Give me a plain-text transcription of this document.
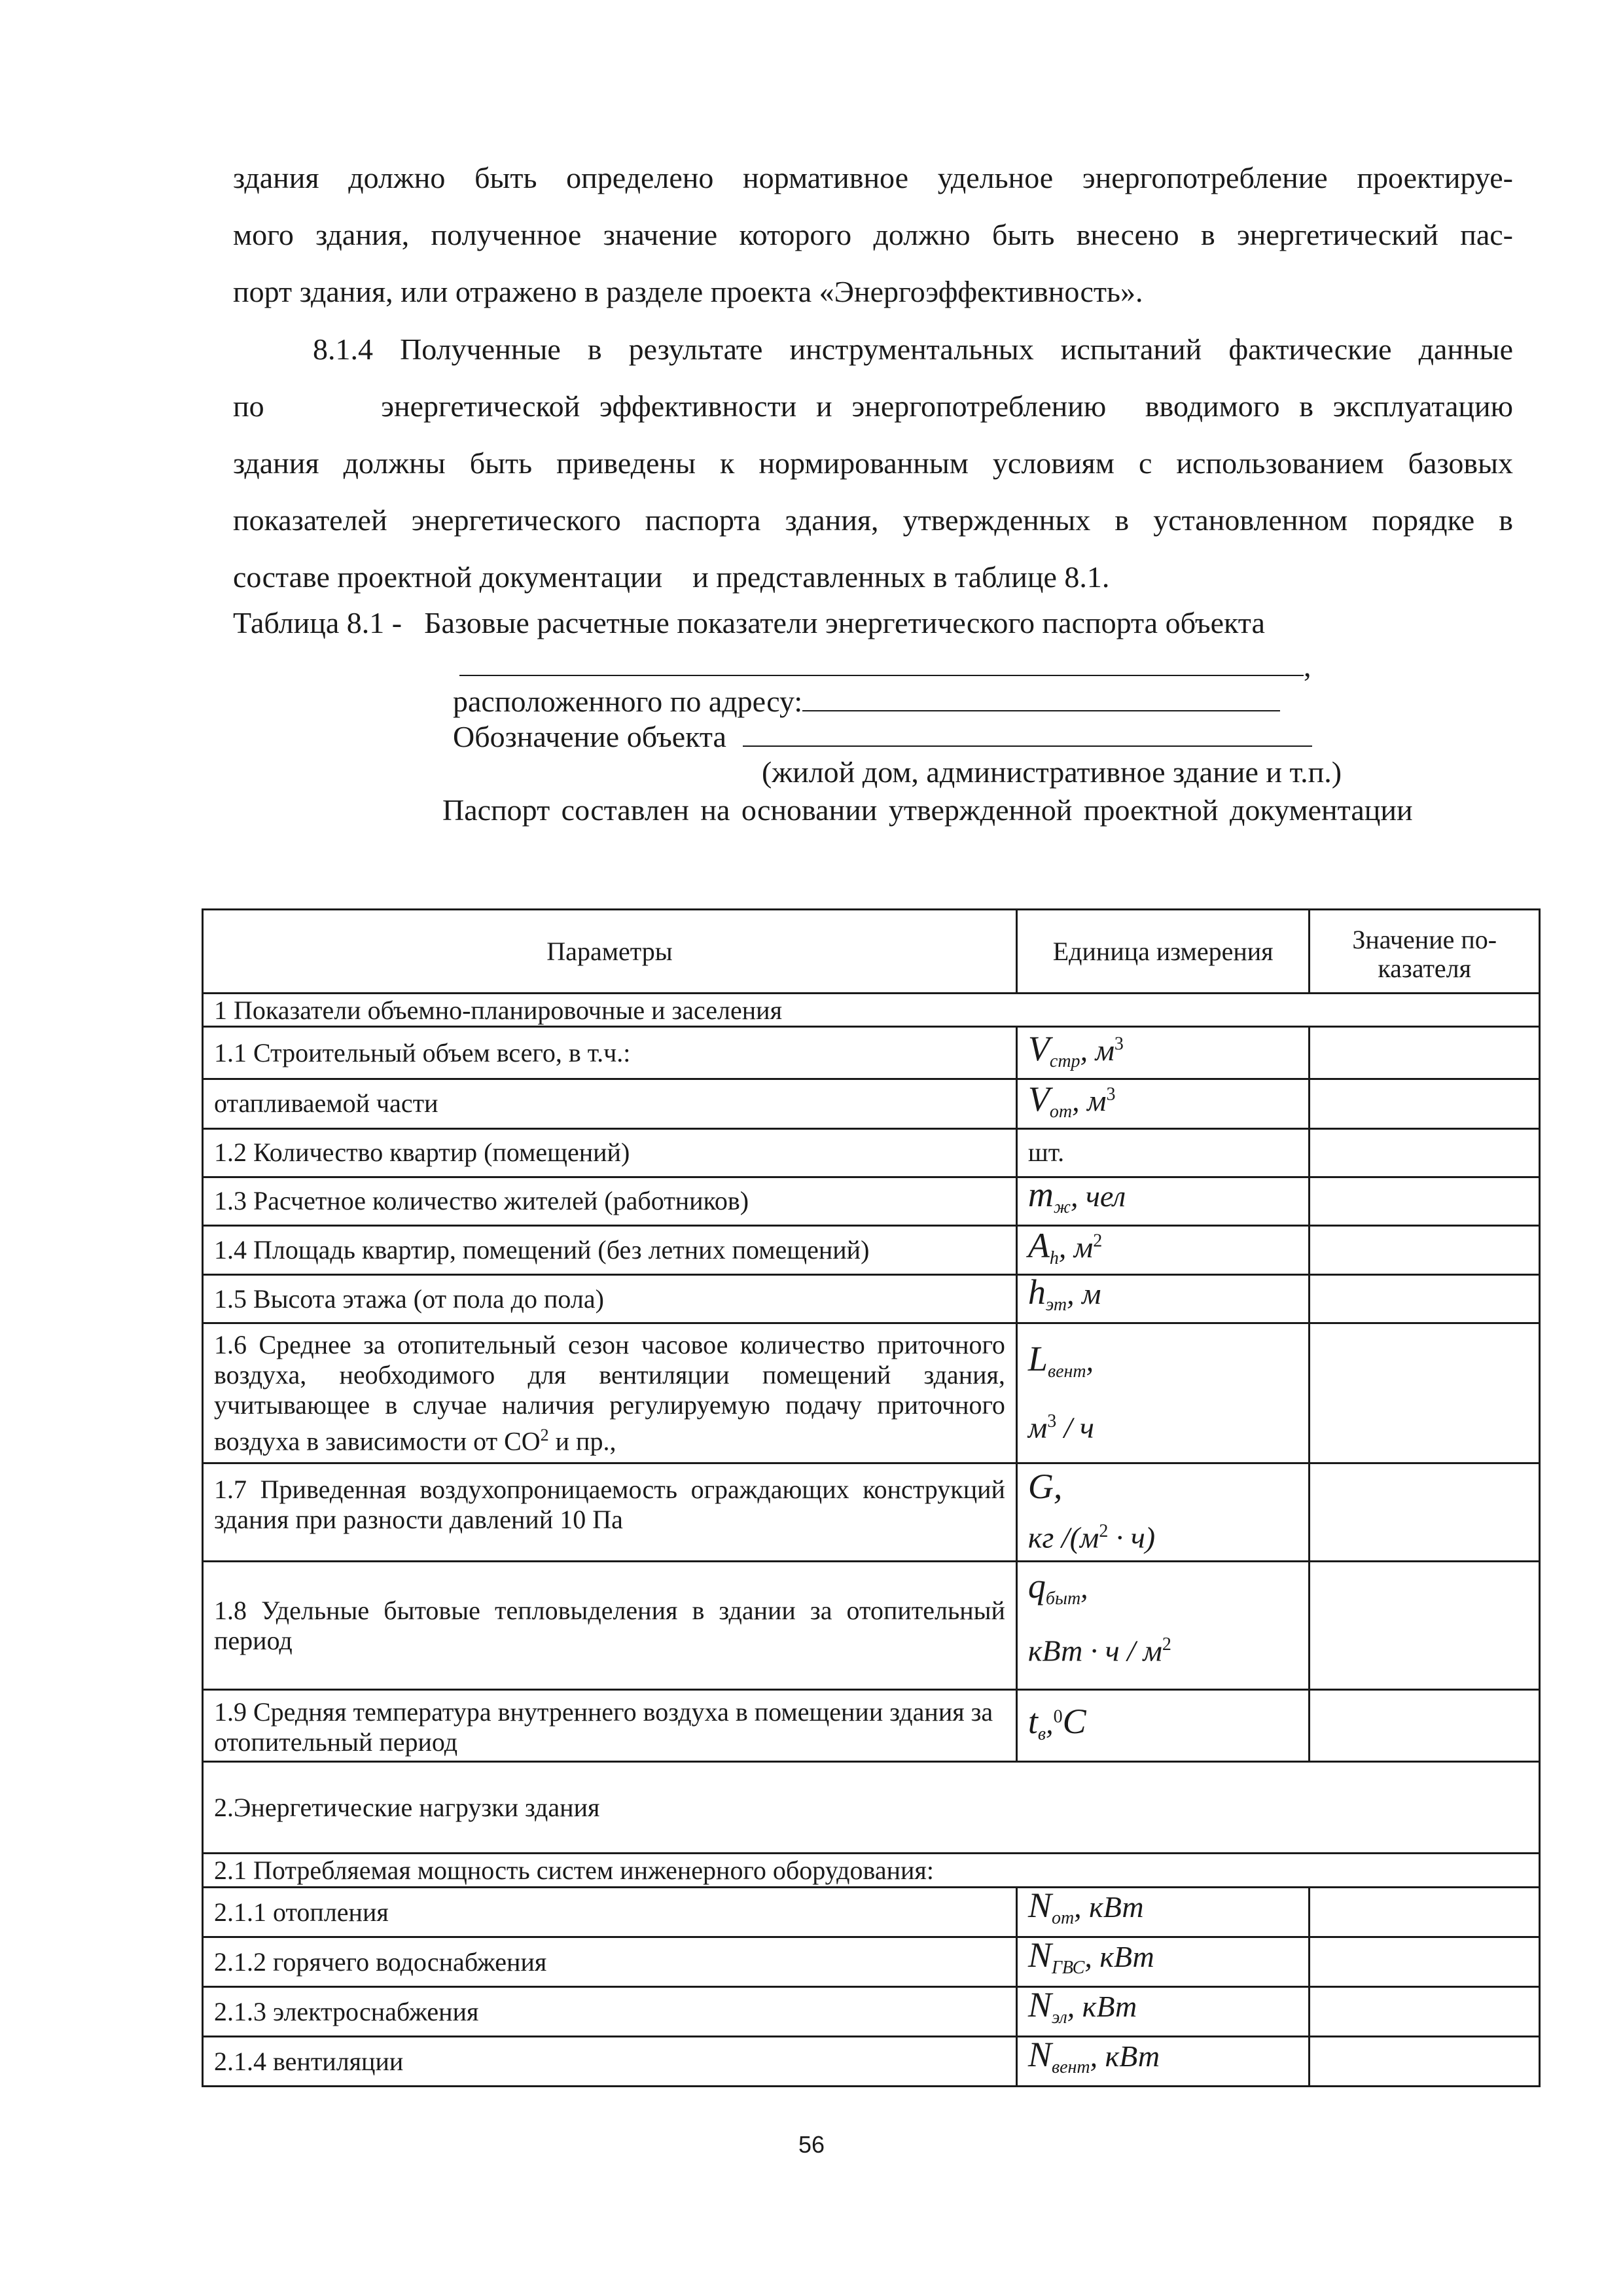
здания должно быть определено нормативное удельное энергопотребление проектируе-
мого здания, полученное значение которого должно быть внесено в энергетический пас-
порт здания, или отражено в разделе проекта «Энергоэффективность».
8.1.4 Полученные в результате инструментальных испытаний фактические данные
по      энергетической эффективности и энергопотреблению  вводимого в эксплуатацию
здания должны быть приведены к нормированным условиям с использованием базовых
показателей энергетического паспорта здания, утвержденных в установленном порядке в
составе проектной документации    и представленных в таблице 8.1.
Таблица 8.1 - Базовые расчетные показатели энергетического паспорта объекта
,
расположенного по адресу:
Обозначение объекта
(жилой дом, административное здание и т.п.)
Паспорт составлен на основании утвержденной проектной документации
Параметры	Единица измерения	Значение по-казателя

1 Показатели объемно-планировочные и заселения		
1.1 Строительный объем всего, в т.ч.:	$V_{стр}$, $м^3$	
отапливаемой части	$V_{от}$, $м^3$	
1.2 Количество квартир (помещений)	шт.	
1.3 Расчетное количество жителей (работников)	$m_ж$, чел	
1.4 Площадь квартир, помещений (без летних помещений)	$A_h$, $м^2$	
1.5 Высота этажа (от пола до пола)	$h_{эт}$, м	
1.6 Среднее за отопительный сезон часовое количество приточного воздуха, необходимого для вентиляции помещений здания, учитывающее в случае наличия регулируемую подачу приточного воздуха в зависимости от $CO^2$ и пр.,	$L_{вент}$,
$м^3$ / ч	

1.7 Приведенная воздухопроницаемость ограждающих конструкций здания при разности давлений 10 Па	G,
кг $/(м^2 \cdot ч)$	

1.8 Удельные бытовые тепловыделения в здании за отопительный период	$q_{быт}$,
кВт · ч / $м^2$

1.9 Средняя температура внутреннего воздуха в помещении здания за отопительный период	$t_в,^0C$	
2.Энергетические нагрузки здания		
2.1 Потребляемая мощность систем инженерного оборудования:		
2.1.1 отопления	$N_{от}$, кВт	
2.1.2 горячего водоснабжения	$N_{ГВС}$, кВт	
2.1.3 электроснабжения	$N_{эл}$, кВт	
2.1.4 вентиляции	$N_{вент}$, кВт	
56
